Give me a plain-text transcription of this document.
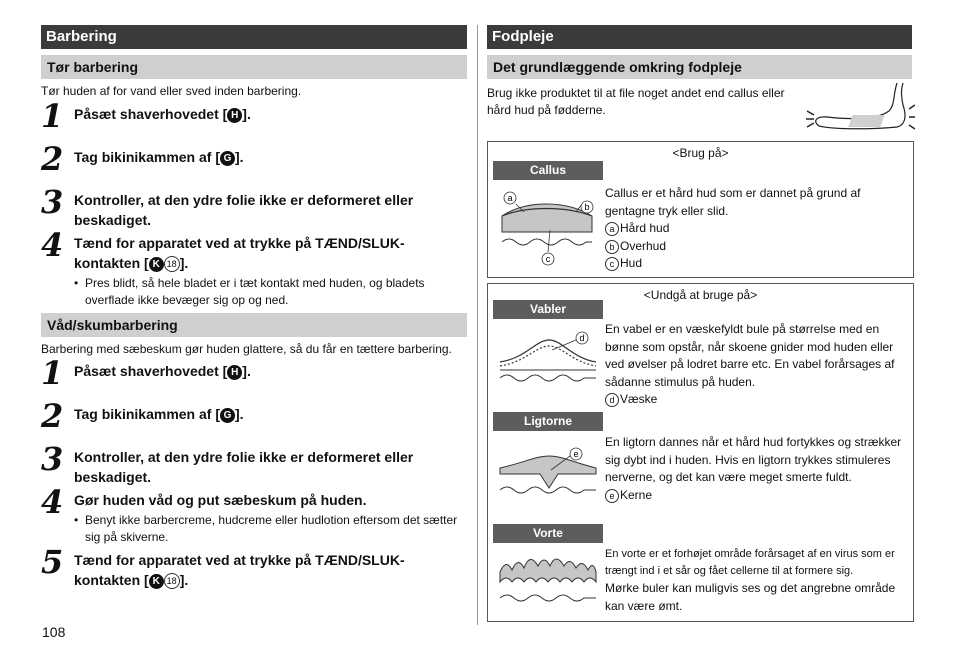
Barbering
Tør barbering
Tør huden af for vand eller sved inden barbering.
1 Påsæt shaverhovedet [ H ].
2 Tag bikinikammen af [ G ].
3 Kontroller, at den ydre folie ikke er deformeret eller beskadiget.
4 Tænd for apparatet ved at trykke på TÆND/SLUK-kontakten [ K 18 ].
• Pres blidt, så hele bladet er i tæt kontakt med huden, og bladets overflade ikke bevæger sig op og ned.
Våd/skumbarbering
Barbering med sæbeskum gør huden glattere, så du får en tættere barbering.
1 Påsæt shaverhovedet [ H ].
2 Tag bikinikammen af [ G ].
3 Kontroller, at den ydre folie ikke er deformeret eller beskadiget.
4 Gør huden våd og put sæbeskum på huden.
• Benyt ikke barbercreme, hudcreme eller hudlotion eftersom det sætter sig på skiverne.
5 Tænd for apparatet ved at trykke på TÆND/SLUK-kontakten [ K 18 ].
Fodpleje
Det grundlæggende omkring fodpleje
Brug ikke produktet til at file noget andet end callus eller hård hud på fødderne.
<Brug på>
Callus
a
b
c
Callus er et hård hud som er dannet på grund af gentagne tryk eller slid.
a Hård hud
b Overhud
c Hud
<Undgå at bruge på>
Vabler
d
En vabel er en væskefyldt bule på størrelse med en bønne som opstår, når skoene gnider mod huden eller ved øvelser på lodret barre etc. En vabel forårsages af sådanne stimulus på huden.
d Væske
Ligtorne
e
En ligtorn dannes når et hård hud fortykkes og strækker sig dybt ind i huden. Hvis en ligtorn trykkes stimuleres nerverne, og det kan være meget smerte fuldt.
e Kerne
Vorte
En vorte er et forhøjet område forårsaget af en virus som er trængt ind i et sår og fået cellerne til at formere sig.
Mørke buler kan muligvis ses og det angrebne område kan være ømt.
108
